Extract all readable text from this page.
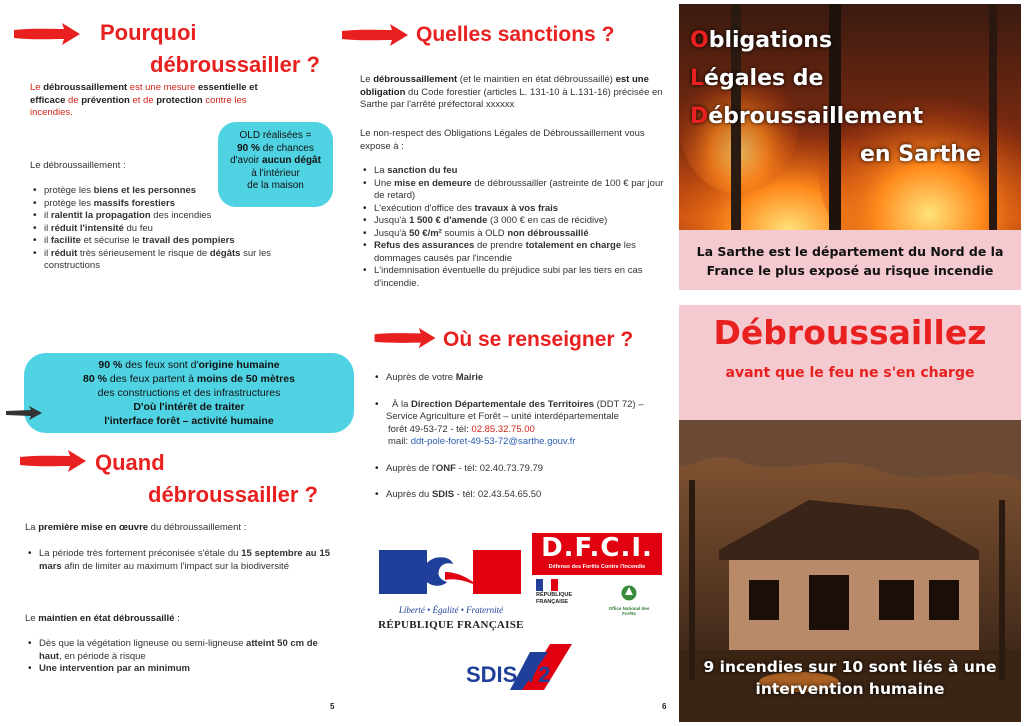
Pourquoi
débroussailler ?
Le débroussaillement est une mesure essentielle et efficace de prévention et de protection contre les incendies.
OLD réalisées =
90 % de chances
d'avoir aucun dégât
à l'intérieur
de la maison
Le débroussaillement :
• protège les biens et les personnes
• protège les massifs forestiers
• il ralentit la propagation des incendies
• il réduit l'intensité du feu
• il facilite et sécurise le travail des pompiers
• il réduit très sérieusement le risque de dégâts sur les constructions
90 % des feux sont d'origine humaine
80 % des feux partent à moins de 50 mètres
des constructions et des infrastructures
D'où l'intérêt de traiter
l'interface forêt – activité humaine
Quand
débroussailler ?
La première mise en œuvre du débroussaillement :
• La période très fortement préconisée s'étale du 15 septembre au 15 mars afin de limiter au maximum l'impact sur la biodiversité
Le maintien en état débroussaillé :
• Dès que la végétation ligneuse ou semi-ligneuse atteint 50 cm de haut, en période à risque
• Une intervention par an minimum
5
Quelles sanctions ?
Le débroussaillement (et le maintien en état débroussaillé) est une obligation du Code forestier (articles L. 131-10 à L.131-16) précisée en Sarthe par l'arrêté préfectoral xxxxxx
Le non-respect des Obligations Légales de Débroussaillement vous expose à :
• La sanction du feu
• Une mise en demeure de débroussailler (astreinte de 100 € par jour de retard)
• L'exécution d'office des travaux à vos frais
• Jusqu'à 1 500 € d'amende (3 000 € en cas de récidive)
• Jusqu'à 50 €/m² soumis à OLD non débroussaillé
• Refus des assurances de prendre totalement en charge les dommages causés par l'incendie
• L'indemnisation éventuelle du préjudice subi par les tiers en cas d'incendie.
Où se renseigner ?
• Auprès de votre Mairie
• À la Direction Départementale des Territoires (DDT 72) –
Service Agriculture et Forêt – unité interdépartementale
forêt 49-53-72 - tél: 02.85.32.75.00
mail: ddt-pole-foret-49-53-72@sarthe.gouv.fr
• Auprès de l'ONF - tél: 02.40.73.79.79
• Auprès du SDIS - tél: 02.43.54.65.50
Liberté • Égalité • Fraternité
RÉPUBLIQUE FRANÇAISE
D.F.C.I.
Défense des Forêts Contre l'Incendie
RÉPUBLIQUE
FRANÇAISE
Office National des Forêts
SDIS 72
6
Obligations
Légales de
Débroussaillement
en Sarthe
La Sarthe est le département du Nord de la France le plus exposé au risque incendie
Débroussaillez
avant que le feu ne s'en charge
9 incendies sur 10 sont liés à une intervention humaine
